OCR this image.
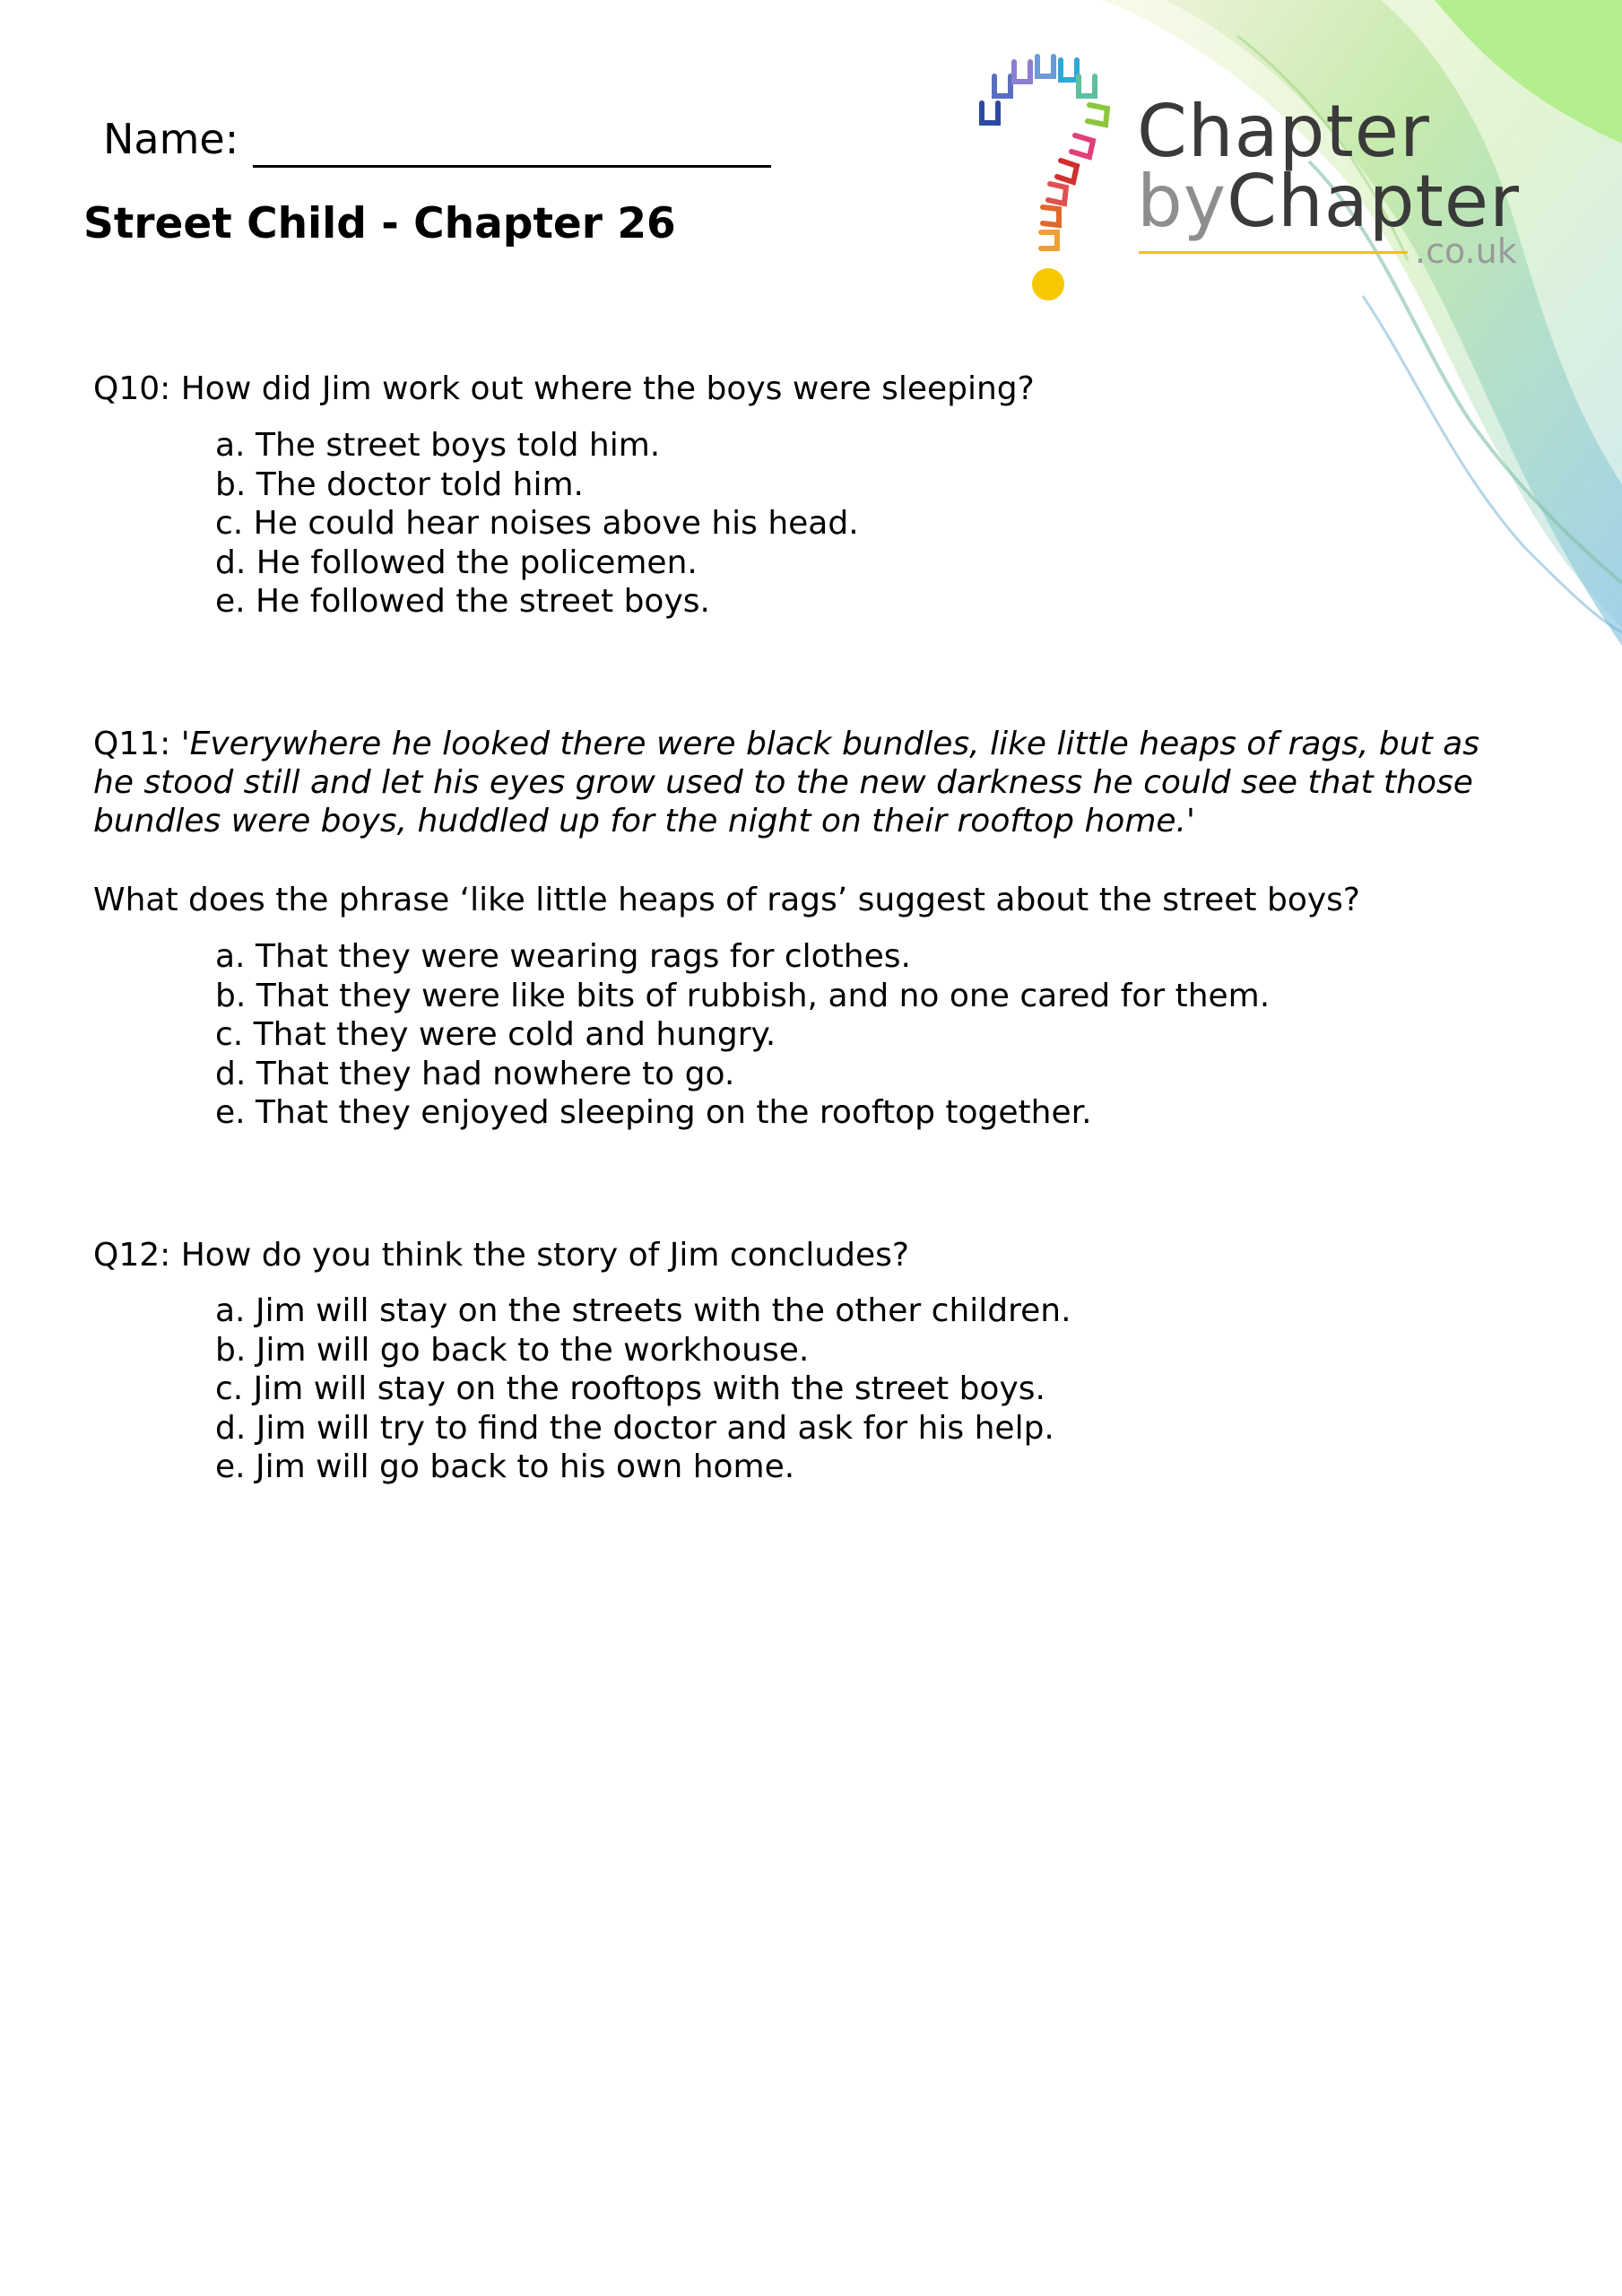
Name:
Street Child - Chapter 26
Chapter
byChapter
.co.uk
Q10: How did Jim work out where the boys were sleeping?
a. The street boys told him.
b. The doctor told him.
c. He could hear noises above his head.
d. He followed the policemen.
e. He followed the street boys.
Q11: 'Everywhere he looked there were black bundles, like little heaps of rags, but as he stood still and let his eyes grow used to the new darkness he could see that those bundles were boys, huddled up for the night on their rooftop home.'
What does the phrase ‘like little heaps of rags’ suggest about the street boys?
a. That they were wearing rags for clothes.
b. That they were like bits of rubbish, and no one cared for them.
c. That they were cold and hungry.
d. That they had nowhere to go.
e. That they enjoyed sleeping on the rooftop together.
Q12: How do you think the story of Jim concludes?
a. Jim will stay on the streets with the other children.
b. Jim will go back to the workhouse.
c. Jim will stay on the rooftops with the street boys.
d. Jim will try to find the doctor and ask for his help.
e. Jim will go back to his own home.
